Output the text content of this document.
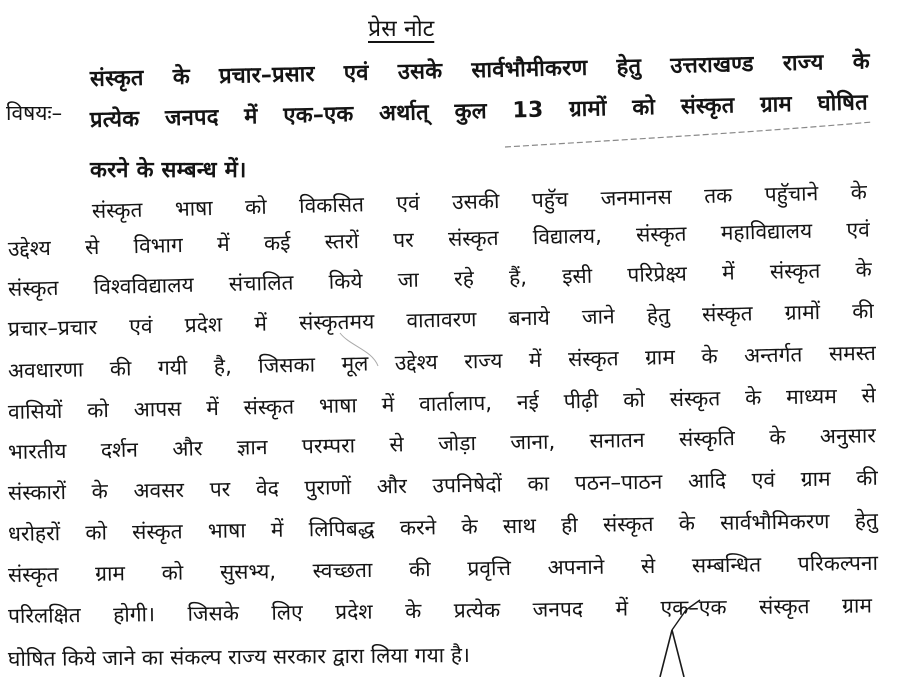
प्रेस नोट
विषयः–
संस्कृत के प्रचार–प्रसार एवं उसके सार्वभौमीकरण हेतु उत्तराखण्ड राज्य के
प्रत्येक जनपद में एक–एक अर्थात् कुल 13 ग्रामों को संस्कृत ग्राम घोषित
करने के सम्बन्ध में।
संस्कृत भाषा को विकसित एवं उसकी पहुॅच जनमानस तक पहुॅचाने के
उद्देश्य से विभाग में कई स्तरों पर संस्कृत विद्यालय, संस्कृत महाविद्यालय एवं
संस्कृत विश्वविद्यालय संचालित किये जा रहे हैं, इसी परिप्रेक्ष्य में संस्कृत के
प्रचार–प्रचार एवं प्रदेश में संस्कृतमय वातावरण बनाये जाने हेतु संस्कृत ग्रामों की
अवधारणा की गयी है, जिसका मूल उद्देश्य राज्य में संस्कृत ग्राम के अन्तर्गत समस्त
वासियों को आपस में संस्कृत भाषा में वार्तालाप, नई पीढ़ी को संस्कृत के माध्यम से
भारतीय दर्शन और ज्ञान परम्परा से जोड़ा जाना, सनातन संस्कृति के अनुसार
संस्कारों के अवसर पर वेद पुराणों और उपनिषेदों का पठन–पाठन आदि एवं ग्राम की
धरोहरों को संस्कृत भाषा में लिपिबद्ध करने के साथ ही संस्कृत के सार्वभौमिकरण हेतु
संस्कृत ग्राम को सुसभ्य, स्वच्छता की प्रवृत्ति अपनाने से सम्बन्धित परिकल्पना
परिलक्षित होगी। जिसके लिए प्रदेश के प्रत्येक जनपद में एक–एक संस्कृत ग्राम
घोषित किये जाने का संकल्प राज्य सरकार द्वारा लिया गया है।
